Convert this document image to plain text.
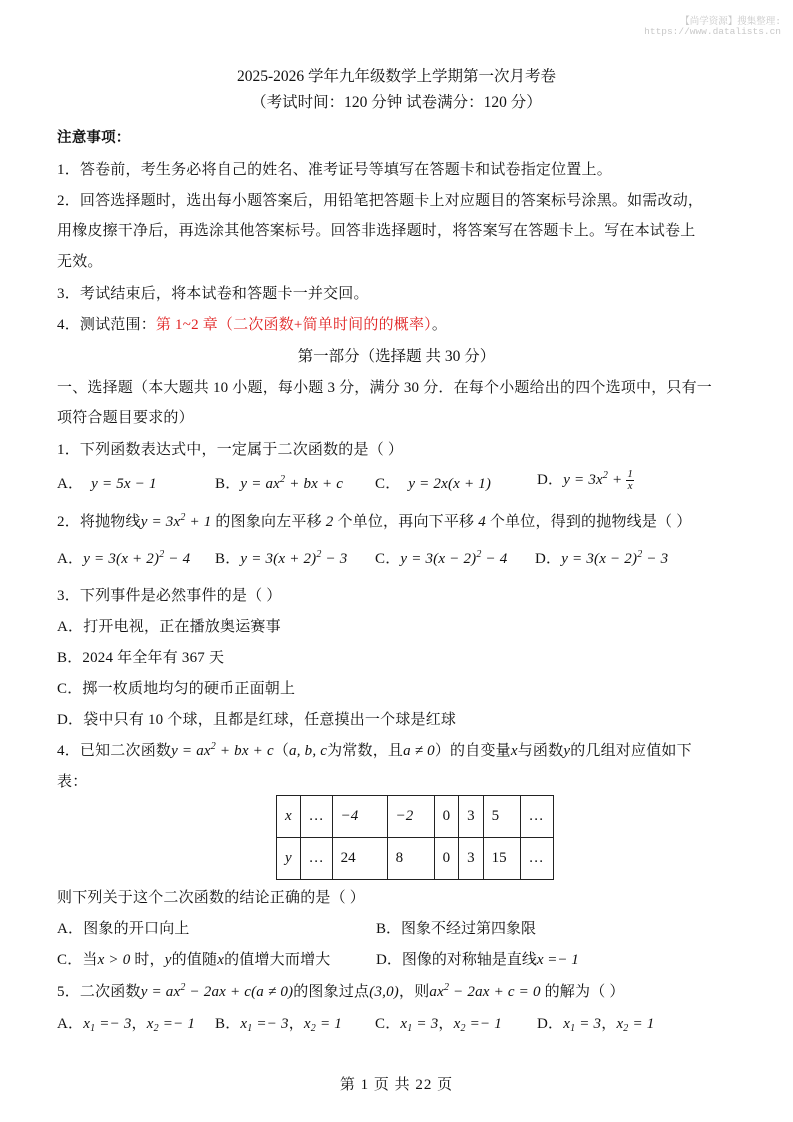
【尚学资源】搜集整理:
https://www.datalists.cn
2025-2026 学年九年级数学上学期第一次月考卷
（考试时间：120 分钟 试卷满分：120 分）
注意事项：
1．答卷前，考生务必将自己的姓名、准考证号等填写在答题卡和试卷指定位置上。
2．回答选择题时，选出每小题答案后，用铅笔把答题卡上对应题目的答案标号涂黑。如需改动，
用橡皮擦干净后，再选涂其他答案标号。回答非选择题时，将答案写在答题卡上。写在本试卷上
无效。
3．考试结束后，将本试卷和答题卡一并交回。
4．测试范围：第 1~2 章（二次函数+简单时间的的概率）。
第一部分（选择题 共 30 分）
一、选择题（本大题共 10 小题，每小题 3 分，满分 30 分．在每个小题给出的四个选项中，只有一
项符合题目要求的）
1．下列函数表达式中，一定属于二次函数的是（ ）
A． y = 5x − 1	B．$y = ax^2$ + bx + c C． y = 2x(x + 1)	D．$y = 3x^2 + \frac{1}{x}$
2．将抛物线$y = 3x^2 + 1$ 的图象向左平移 2 个单位，再向下平移 4 个单位，得到的抛物线是（ ）
A．$y = 3(x + 2)^2 - 4$ B．$y = 3(x + 2)^2 - 3$ C．$y = 3(x - 2)^2 - 4$ D．$y = 3(x - 2)^2 - 3$
3．下列事件是必然事件的是（ ）
A．打开电视，正在播放奥运赛事
B．2024 年全年有 367 天
C．掷一枚质地均匀的硬币正面朝上
D．袋中只有 10 个球，且都是红球，任意摸出一个球是红球
4．已知二次函数$y = ax^2$ + bx + c（a, b, c为常数，且a ≠ 0）的自变量x与函数y的几组对应值如下
表：
x	…	−4	−2	0	3	5	…
y	…	24	8	0	3	15	…
则下列关于这个二次函数的结论正确的是（ ）
A．图象的开口向上	B．图象不经过第四象限
C．当x > 0 时，y的值随x的值增大而增大	D．图像的对称轴是直线x =− 1
5．二次函数$y = ax^2 - 2ax + c(a \ne 0)$的图象过点(3,0)，则$ax^2 - 2ax + c = 0$ 的解为（ ）
A．$x_1 =- 3$，$x_2 =- 1$ B．$x_1 =- 3$，$x_2 = 1$ C．$x_1 = 3$，$x_2 =- 1$ D．$x_1 = 3$，$x_2 = 1$
第 1 页 共 22 页
